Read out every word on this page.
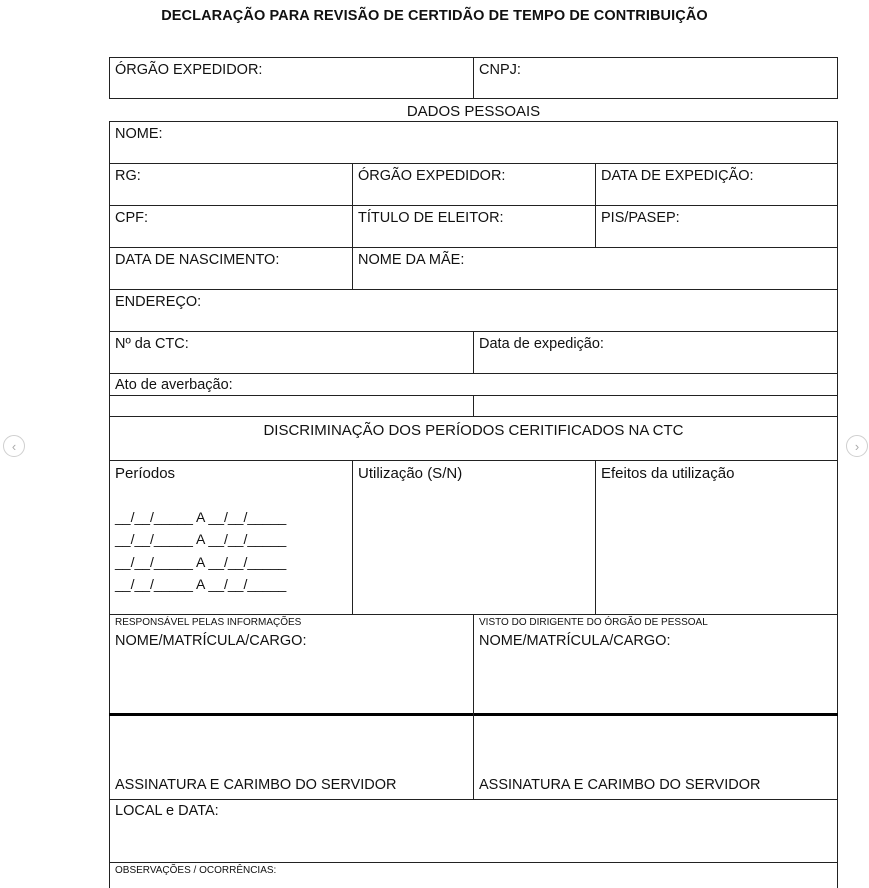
DECLARAÇÃO PARA REVISÃO DE CERTIDÃO DE TEMPO DE CONTRIBUIÇÃO
ÓRGÃO EXPEDIDOR:	CNPJ:
DADOS PESSOAIS
NOME:
RG:	ÓRGÃO EXPEDIDOR:	DATA DE EXPEDIÇÃO:
CPF:	TÍTULO DE ELEITOR:	PIS/PASEP:
DATA DE NASCIMENTO:	NOME DA MÃE:
ENDEREÇO:
Nº da CTC:	Data de expedição:
Ato de averbação:
DISCRIMINAÇÃO DOS PERÍODOS CERITIFICADOS NA CTC
Períodos	Utilização (S/N)	Efeitos da utilização
__/__/_____ A __/__/_____
__/__/_____ A __/__/_____
__/__/_____ A __/__/_____
__/__/_____ A __/__/_____
RESPONSÁVEL PELAS INFORMAÇÕES
NOME/MATRÍCULA/CARGO:
VISTO DO DIRIGENTE DO ÓRGÃO DE PESSOAL
NOME/MATRÍCULA/CARGO:
ASSINATURA E CARIMBO DO SERVIDOR	ASSINATURA E CARIMBO DO SERVIDOR
LOCAL e DATA:
OBSERVAÇÕES / OCORRÊNCIAS:
‹	›
